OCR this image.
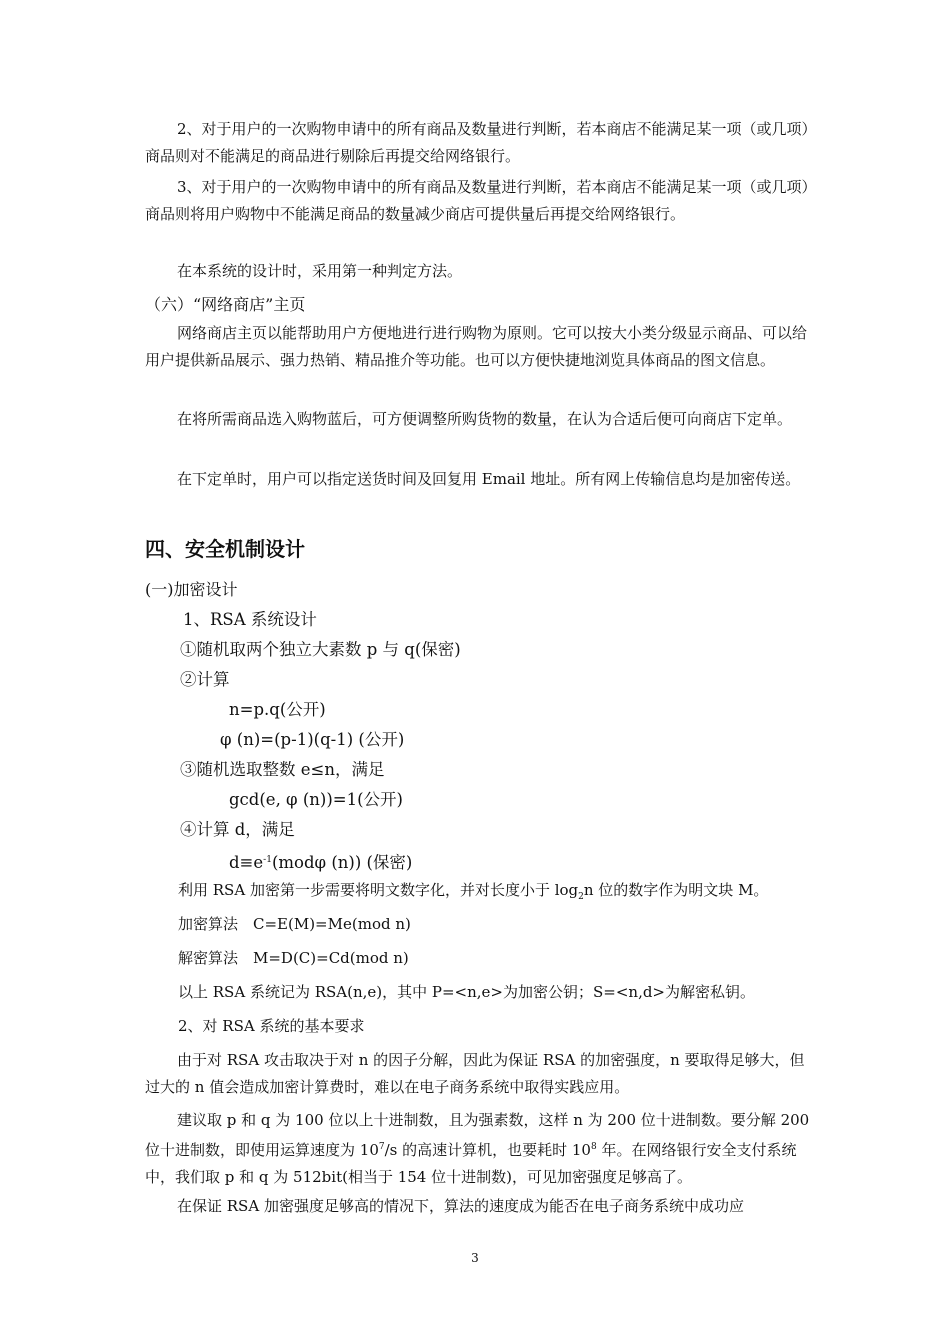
2、对于用户的一次购物申请中的所有商品及数量进行判断，若本商店不能满足某一项（或几项）商品则对不能满足的商品进行剔除后再提交给网络银行。

3、对于用户的一次购物申请中的所有商品及数量进行判断，若本商店不能满足某一项（或几项）商品则将用户购物中不能满足商品的数量减少商店可提供量后再提交给网络银行。

在本系统的设计时，采用第一种判定方法。

（六）“网络商店”主页

网络商店主页以能帮助用户方便地进行进行购物为原则。它可以按大小类分级显示商品、可以给用户提供新品展示、强力热销、精品推介等功能。也可以方便快捷地浏览具体商品的图文信息。

在将所需商品选入购物蓝后，可方便调整所购货物的数量，在认为合适后便可向商店下定单。

在下定单时，用户可以指定送货时间及回复用 Email 地址。所有网上传输信息均是加密传送。

四、安全机制设计

(一)加密设计

1、RSA 系统设计

①随机取两个独立大素数 p 与 q(保密)

②计算

n=p.q(公开)

φ (n)=(p-1)(q-1) (公开)

③随机选取整数 e≤n，满足

gcd(e, φ (n))=1(公开)

④计算 d，满足

$d\equiv e^{-1}(mod\varphi$ (n)) (保密)

利用 RSA 加密第一步需要将明文数字化，并对长度小于 $\log_2n$ 位的数字作为明文块 M。

加密算法　C=E(M)=Me(mod n)

解密算法　M=D(C)=Cd(mod n)

以上 RSA 系统记为 RSA(n,e)，其中 P=<n,e>为加密公钥；S=<n,d>为解密私钥。

2、对 RSA 系统的基本要求

由于对 RSA 攻击取决于对 n 的因子分解，因此为保证 RSA 的加密强度，n 要取得足够大，但过大的 n 值会造成加密计算费时，难以在电子商务系统中取得实践应用。

建议取 p 和 q 为 100 位以上十进制数，且为强素数，这样 n 为 200 位十进制数。要分解 200 位十进制数，即使用运算速度为 $10^7/s$ 的高速计算机，也要耗时 $10^8$ 年。在网络银行安全支付系统中，我们取 p 和 q 为 512bit(相当于 154 位十进制数)，可见加密强度足够高了。

在保证 RSA 加密强度足够高的情况下，算法的速度成为能否在电子商务系统中成功应

3
